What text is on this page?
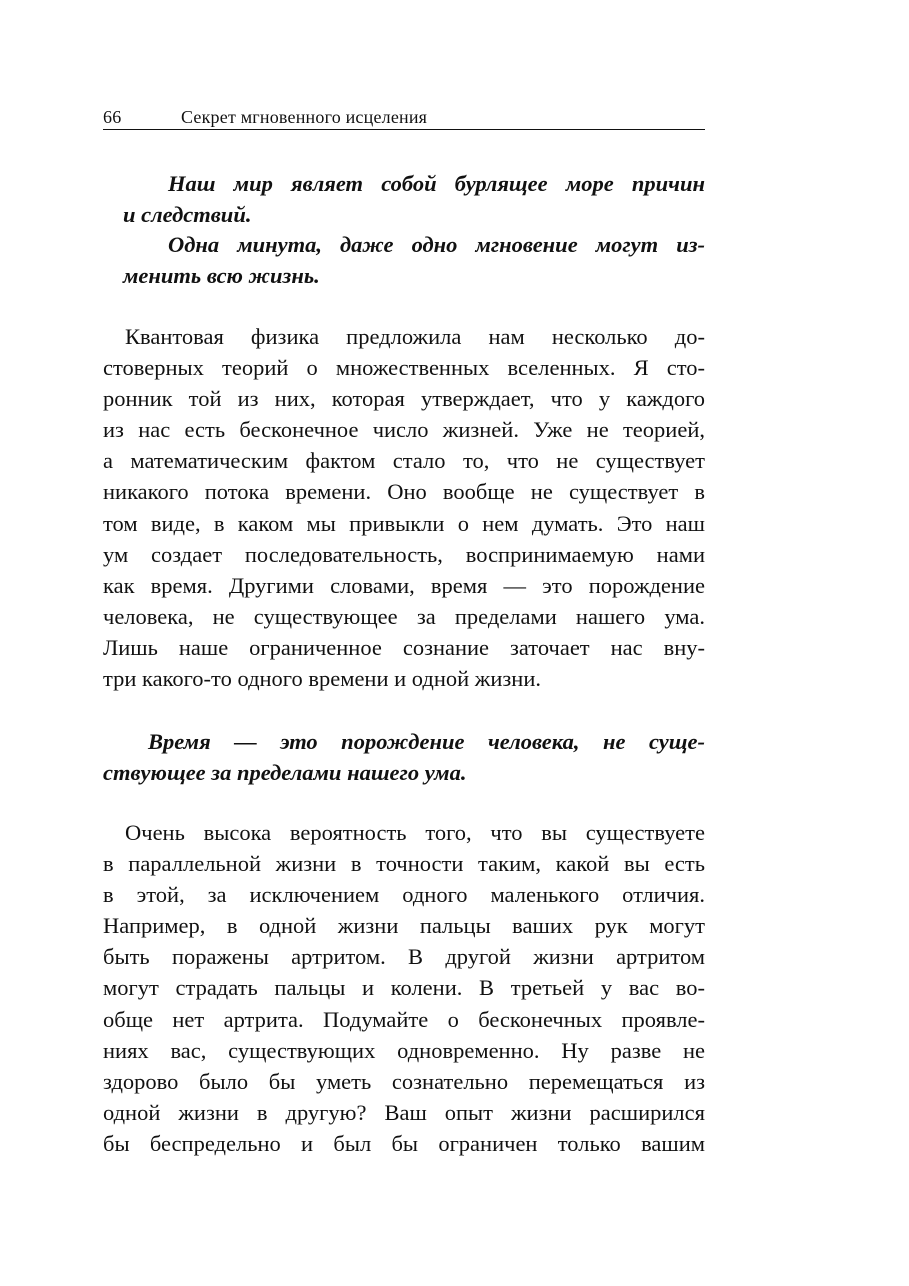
66	Секрет мгновенного исцеления

Наш мир являет собой бурлящее море причин
и следствий.

Одна минута, даже одно мгновение могут из-
менить всю жизнь.

Квантовая физика предложила нам несколько до-
стоверных теорий о множественных вселенных. Я сто-
ронник той из них, которая утверждает, что у каждого
из нас есть бесконечное число жизней. Уже не теорией,
а математическим фактом стало то, что не существует
никакого потока времени. Оно вообще не существует в
том виде, в каком мы привыкли о нем думать. Это наш
ум создает последовательность, воспринимаемую нами
как время. Другими словами, время — это порождение
человека, не существующее за пределами нашего ума.
Лишь наше ограниченное сознание заточает нас вну-
три какого-то одного времени и одной жизни.

Время — это порождение человека, не суще-
ствующее за пределами нашего ума.

Очень высока вероятность того, что вы существуете
в параллельной жизни в точности таким, какой вы есть
в этой, за исключением одного маленького отличия.
Например, в одной жизни пальцы ваших рук могут
быть поражены артритом. В другой жизни артритом
могут страдать пальцы и колени. В третьей у вас во-
обще нет артрита. Подумайте о бесконечных проявле-
ниях вас, существующих одновременно. Ну разве не
здорово было бы уметь сознательно перемещаться из
одной жизни в другую? Ваш опыт жизни расширился
бы беспредельно и был бы ограничен только вашим
